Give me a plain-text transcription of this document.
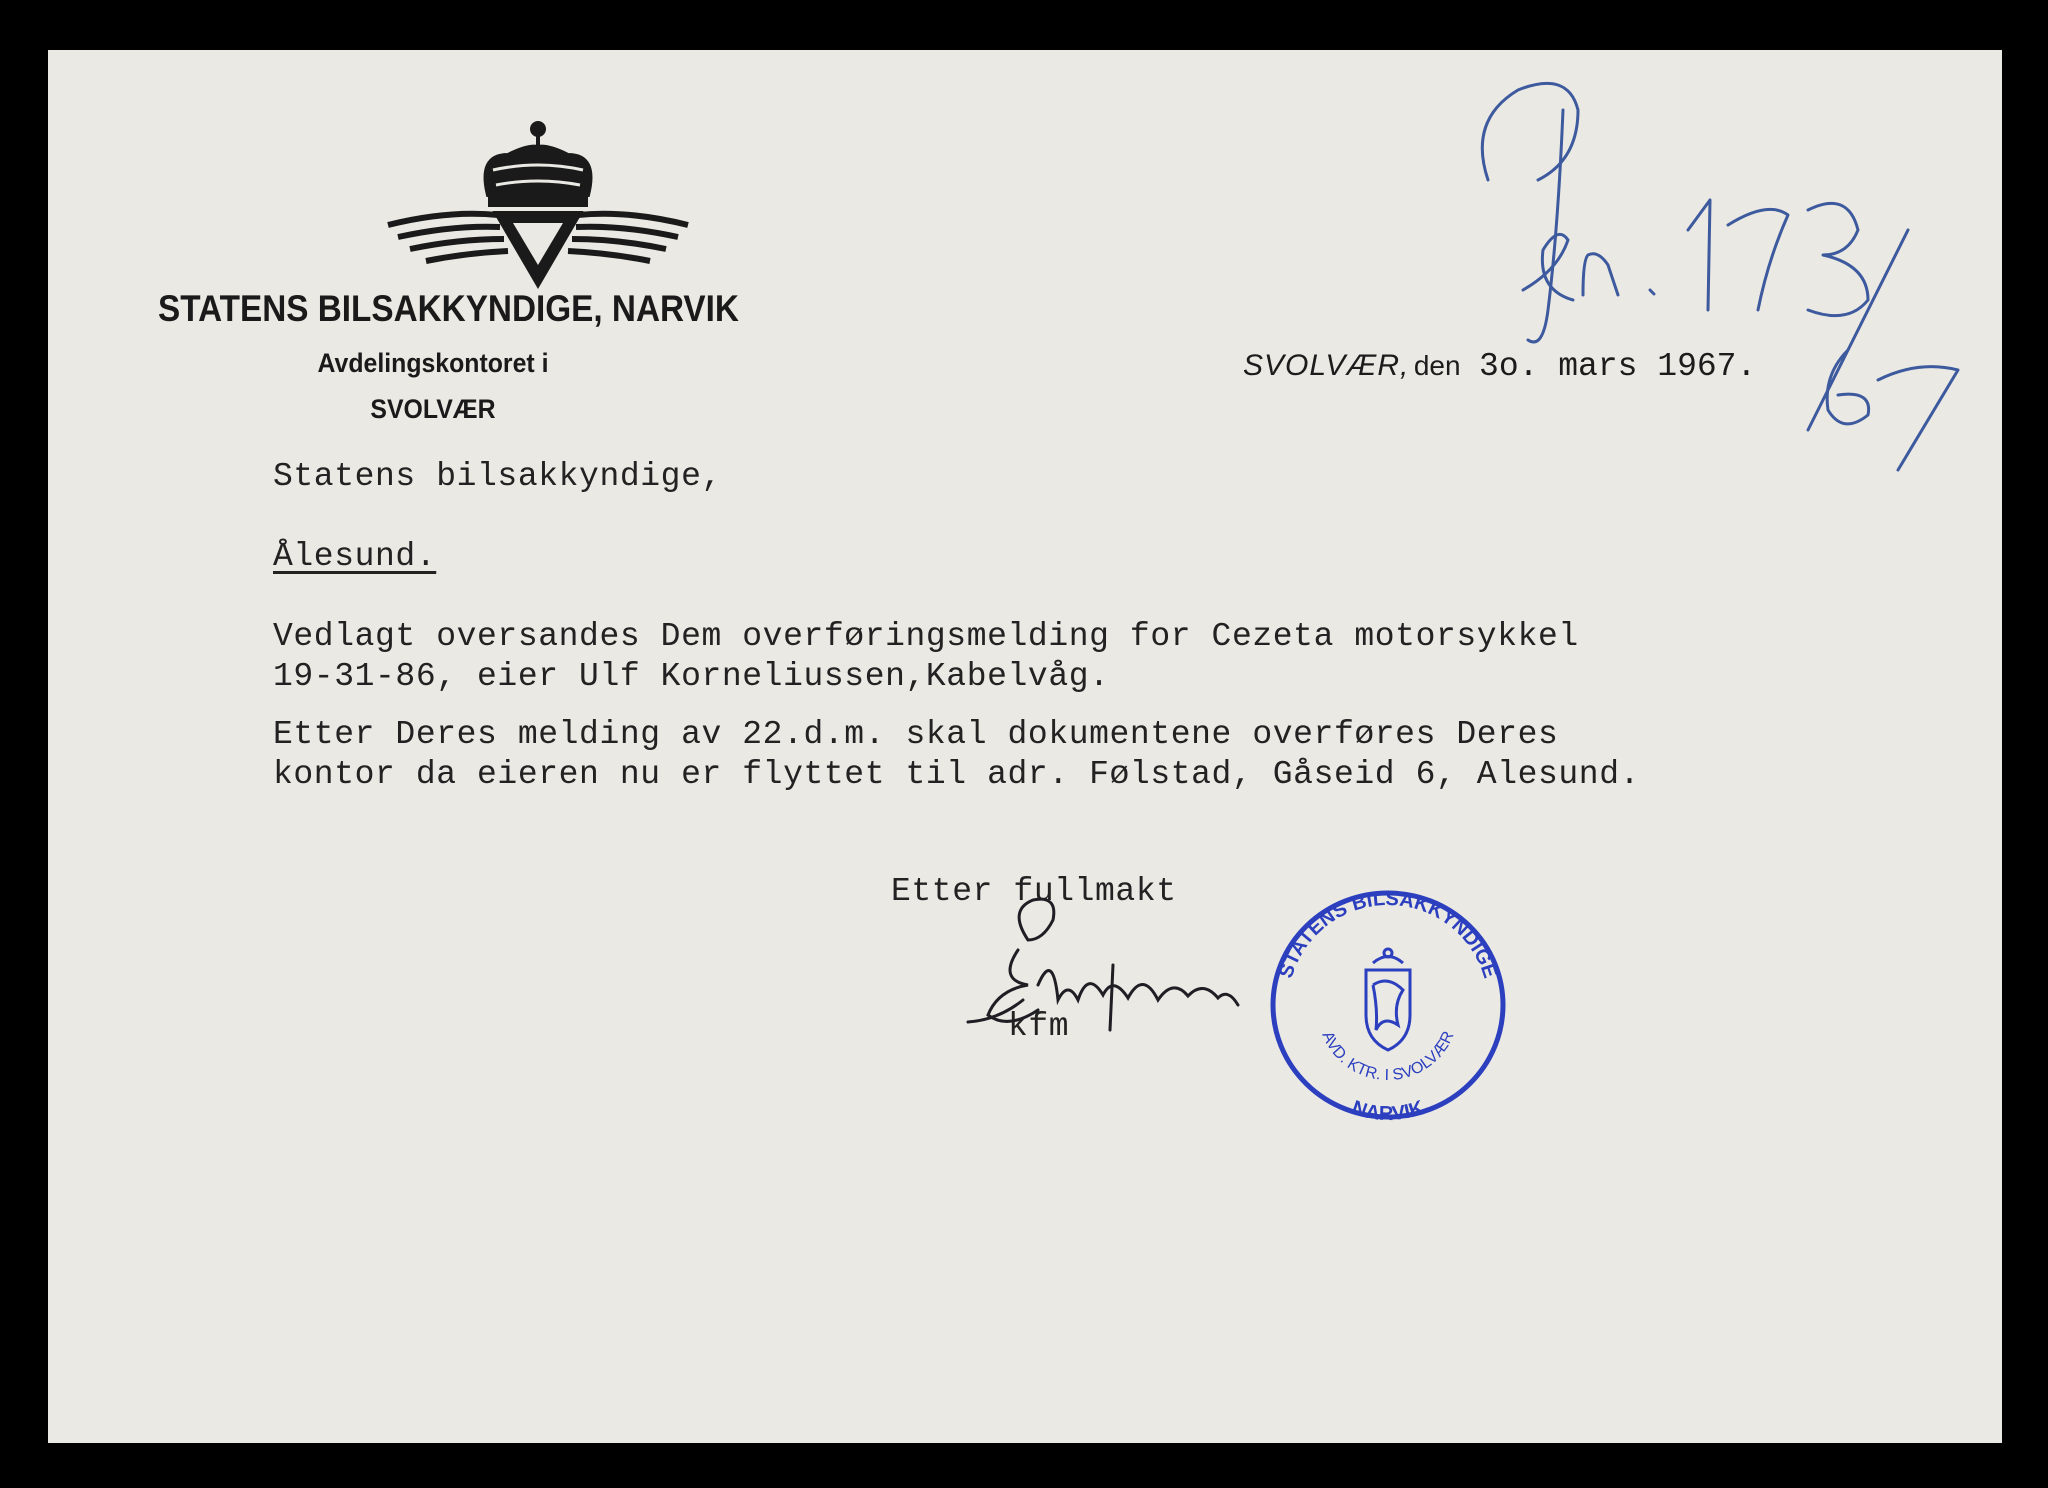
STATENS BILSAKKYNDIGE, NARVIK
Avdelingskontoret i
SVOLVÆR
SVOLVÆR, den 3o. mars 1967.
Statens bilsakkyndige,
Ålesund.
Vedlagt oversandes Dem overføringsmelding for Cezeta motorsykkel
19-31-86, eier Ulf Korneliussen,Kabelvåg.
Etter Deres melding av 22.d.m. skal dokumentene overføres Deres
kontor da eieren nu er flyttet til adr. Følstad, Gåseid 6, Alesund.
Etter fullmakt
kfm
STATENS BILSAKKYNDIGE
AVD. KTR. I SVOLVÆR
NARVIK
